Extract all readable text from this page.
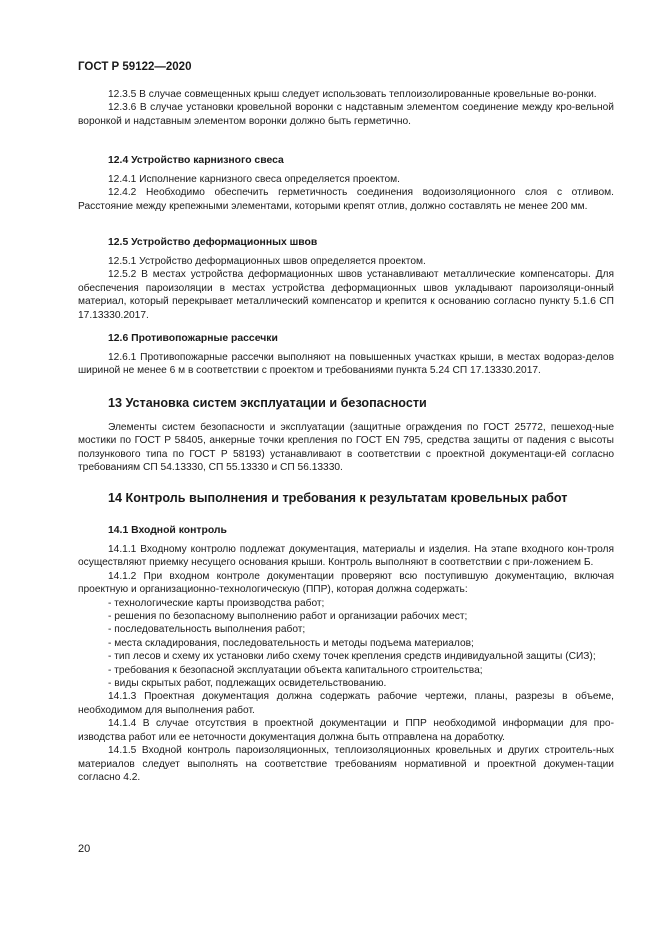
ГОСТ Р 59122—2020

12.3.5 В случае совмещенных крыш следует использовать теплоизолированные кровельные во-ронки.

12.3.6 В случае установки кровельной воронки с надставным элементом соединение между кро-вельной воронкой и надставным элементом воронки должно быть герметично.

12.4 Устройство карнизного свеса

12.4.1 Исполнение карнизного свеса определяется проектом.

12.4.2 Необходимо обеспечить герметичность соединения водоизоляционного слоя с отливом. Расстояние между крепежными элементами, которыми крепят отлив, должно составлять не менее 200 мм.

12.5 Устройство деформационных швов

12.5.1 Устройство деформационных швов определяется проектом.

12.5.2 В местах устройства деформационных швов устанавливают металлические компенсаторы. Для обеспечения пароизоляции в местах устройства деформационных швов укладывают пароизоляци-онный материал, который перекрывает металлический компенсатор и крепится к основанию согласно пункту 5.1.6 СП 17.13330.2017.

12.6 Противопожарные рассечки

12.6.1 Противопожарные рассечки выполняют на повышенных участках крыши, в местах водораз-делов шириной не менее 6 м в соответствии с проектом и требованиями пункта 5.24 СП 17.13330.2017.

13 Установка систем эксплуатации и безопасности

Элементы систем безопасности и эксплуатации (защитные ограждения по ГОСТ 25772, пешеход-ные мостики по ГОСТ Р 58405, анкерные точки крепления по ГОСТ EN 795, средства защиты от падения с высоты ползункового типа по ГОСТ Р 58193) устанавливают в соответствии с проектной документаци-ей согласно требованиям СП 54.13330, СП 55.13330 и СП 56.13330.

14 Контроль выполнения и требования к результатам кровельных работ
14.1 Входной контроль

14.1.1 Входному контролю подлежат документация, материалы и изделия. На этапе входного кон-троля осуществляют приемку несущего основания крыши. Контроль выполняют в соответствии с при-ложением Б.

14.1.2 При входном контроле документации проверяют всю поступившую документацию, включая проектную и организационно-технологическую (ППР), которая должна содержать:

- технологические карты производства работ;

- решения по безопасному выполнению работ и организации рабочих мест;

- последовательность выполнения работ;

- места складирования, последовательность и методы подъема материалов;

- тип лесов и схему их установки либо схему точек крепления средств индивидуальной защиты (СИЗ);

- требования к безопасной эксплуатации объекта капитального строительства;

- виды скрытых работ, подлежащих освидетельствованию.

14.1.3 Проектная документация должна содержать рабочие чертежи, планы, разрезы в объеме, необходимом для выполнения работ.

14.1.4 В случае отсутствия в проектной документации и ППР необходимой информации для про-изводства работ или ее неточности документация должна быть отправлена на доработку.

14.1.5 Входной контроль пароизоляционных, теплоизоляционных кровельных и других строитель-ных материалов следует выполнять на соответствие требованиям нормативной и проектной докумен-тации согласно 4.2.

20
